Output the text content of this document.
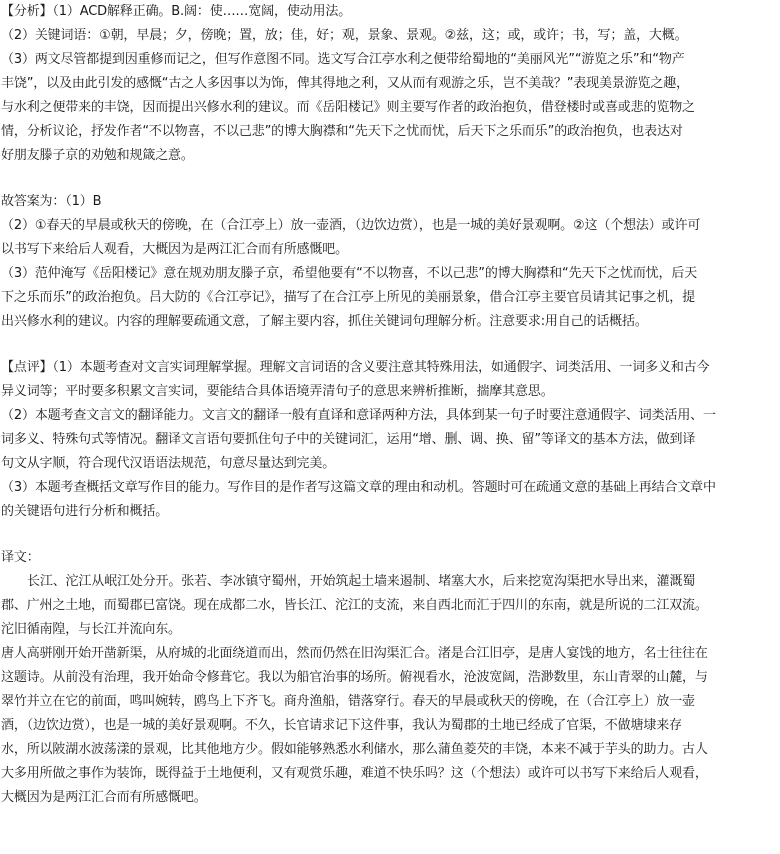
【分析】（1）ACD解释正确。B.阔：使……宽阔，使动用法。
（2）关键词语：①朝，早晨；夕，傍晚；置，放；佳，好；观，景象、景观。②兹，这；或，或许；书，写；盖，大概。
（3）两文尽管都提到因重修而记之，但写作意图不同。选文写合江亭水利之便带给蜀地的“美丽风光”“游览之乐”和“物产
丰饶”，以及由此引发的感慨“古之人多因事以为饰，俾其得地之利，又从而有观游之乐，岂不美哉？”表现美景游览之趣，
与水利之便带来的丰饶，因而提出兴修水利的建议。而《岳阳楼记》则主要写作者的政治抱负，借登楼时或喜或悲的览物之
情，分析议论，抒发作者“不以物喜，不以己悲”的博大胸襟和“先天下之忧而忧，后天下之乐而乐”的政治抱负，也表达对
好朋友滕子京的劝勉和规箴之意。
故答案为：（1）B
（2）①春天的早晨或秋天的傍晚，在（合江亭上）放一壶酒，（边饮边赏），也是一城的美好景观啊。②这（个想法）或许可
以书写下来给后人观看，大概因为是两江汇合而有所感慨吧。
（3）范仲淹写《岳阳楼记》意在规劝朋友滕子京，希望他要有“不以物喜，不以己悲”的博大胸襟和“先天下之忧而忧，后天
下之乐而乐”的政治抱负。吕大防的《合江亭记》，描写了在合江亭上所见的美丽景象，借合江亭主要官员请其记事之机，提
出兴修水利的建议。内容的理解要疏通文意，了解主要内容，抓住关键词句理解分析。注意要求:用自己的话概括。
【点评】（1）本题考查对文言实词理解掌握。理解文言词语的含义要注意其特殊用法，如通假字、词类活用、一词多义和古今
异义词等；平时要多积累文言实词，要能结合具体语境弄清句子的意思来辨析推断，揣摩其意思。
（2）本题考查文言文的翻译能力。文言文的翻译一般有直译和意译两种方法，具体到某一句子时要注意通假字、词类活用、一
词多义、特殊句式等情况。翻译文言语句要抓住句子中的关键词汇，运用“增、删、调、换、留”等译文的基本方法，做到译
句文从字顺，符合现代汉语语法规范，句意尽量达到完美。
（3）本题考查概括文章写作目的能力。写作目的是作者写这篇文章的理由和动机。答题时可在疏通文意的基础上再结合文章中
的关键语句进行分析和概括。
译文：
长江、沱江从岷江处分开。张若、李冰镇守蜀州，开始筑起土墙来遏制、堵塞大水，后来挖宽沟渠把水导出来，灌溉蜀
郡、广州之土地，而蜀郡已富饶。现在成都二水，皆长江、沱江的支流，来自西北而汇于四川的东南，就是所说的二江双流。
沱旧循南隍，与长江并流向东。
唐人高骈刚开始开凿新渠，从府城的北面绕道而出，然而仍然在旧沟渠汇合。渚是合江旧亭，是唐人宴饯的地方，名士往往在
这题诗。从前没有治理，我开始命令修葺它。我以为船官治事的场所。俯视看水，沧波宽阔，浩渺数里，东山青翠的山麓，与
翠竹并立在它的前面，鸣叫婉转，鸥鸟上下齐飞。商舟渔船，错落穿行。春天的早晨或秋天的傍晚，在（合江亭上）放一壶
酒，（边饮边赏），也是一城的美好景观啊。不久，长官请求记下这件事，我认为蜀郡的土地已经成了官渠，不做塘埭来存
水，所以陂湖水波荡漾的景观，比其他地方少。假如能够熟悉水利储水，那么蒲鱼菱芡的丰饶，本来不减于芋头的助力。古人
大多用所做之事作为装饰，既得益于土地便利，又有观赏乐趣，难道不快乐吗？这（个想法）或许可以书写下来给后人观看，
大概因为是两江汇合而有所感慨吧。
